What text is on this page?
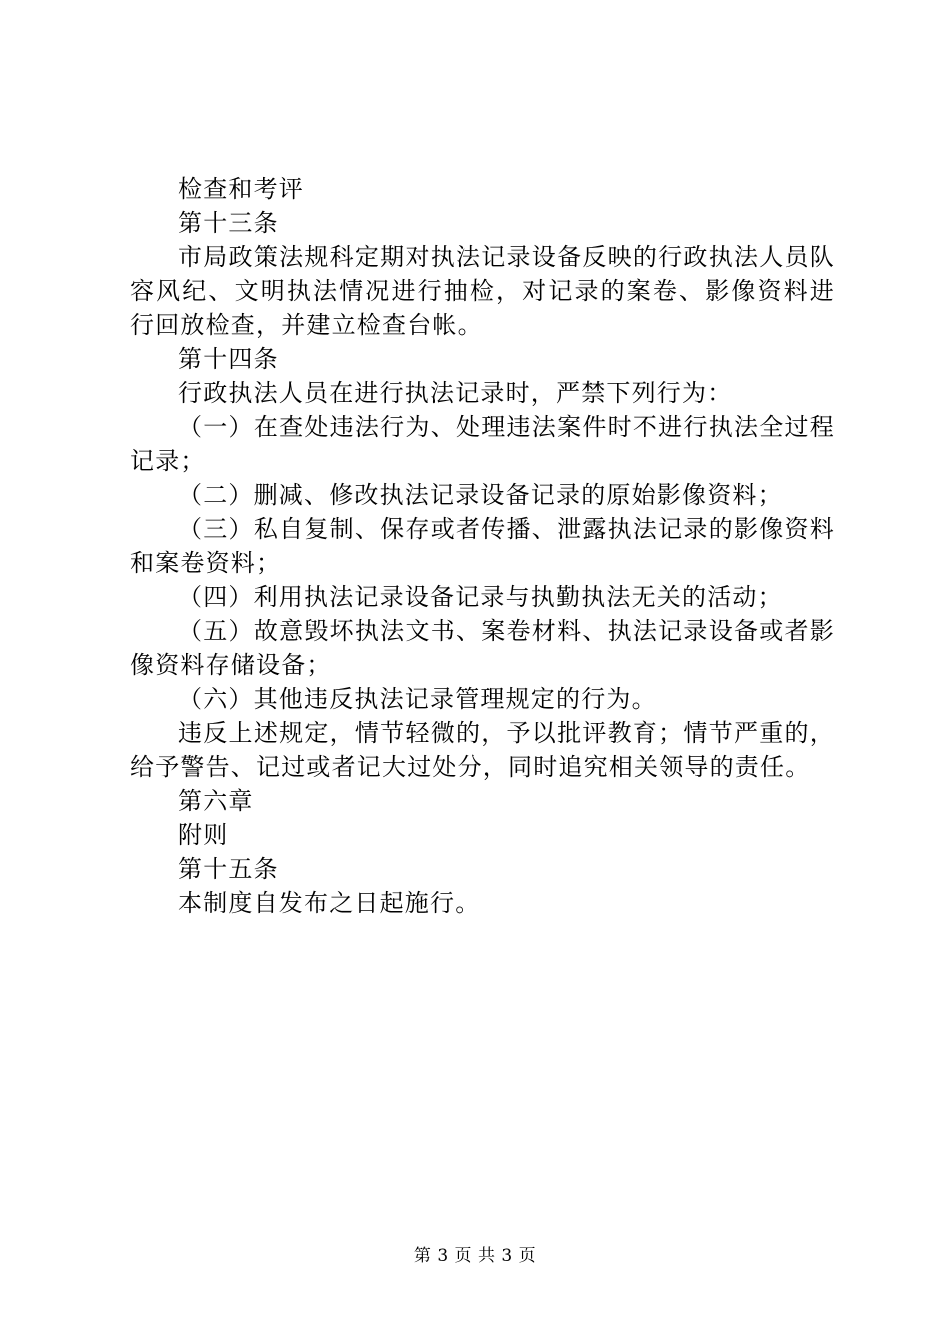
检查和考评

第十三条

市局政策法规科定期对执法记录设备反映的行政执法人员队容风纪、文明执法情况进行抽检，对记录的案卷、影像资料进行回放检查，并建立检查台帐。

第十四条

行政执法人员在进行执法记录时，严禁下列行为：

（一）在查处违法行为、处理违法案件时不进行执法全过程记录；

（二）删减、修改执法记录设备记录的原始影像资料；

（三）私自复制、保存或者传播、泄露执法记录的影像资料和案卷资料；

（四）利用执法记录设备记录与执勤执法无关的活动；

（五）故意毁坏执法文书、案卷材料、执法记录设备或者影像资料存储设备；

（六）其他违反执法记录管理规定的行为。

违反上述规定，情节轻微的，予以批评教育；情节严重的，给予警告、记过或者记大过处分，同时追究相关领导的责任。

第六章

附则

第十五条

本制度自发布之日起施行。

第 3 页 共 3 页
